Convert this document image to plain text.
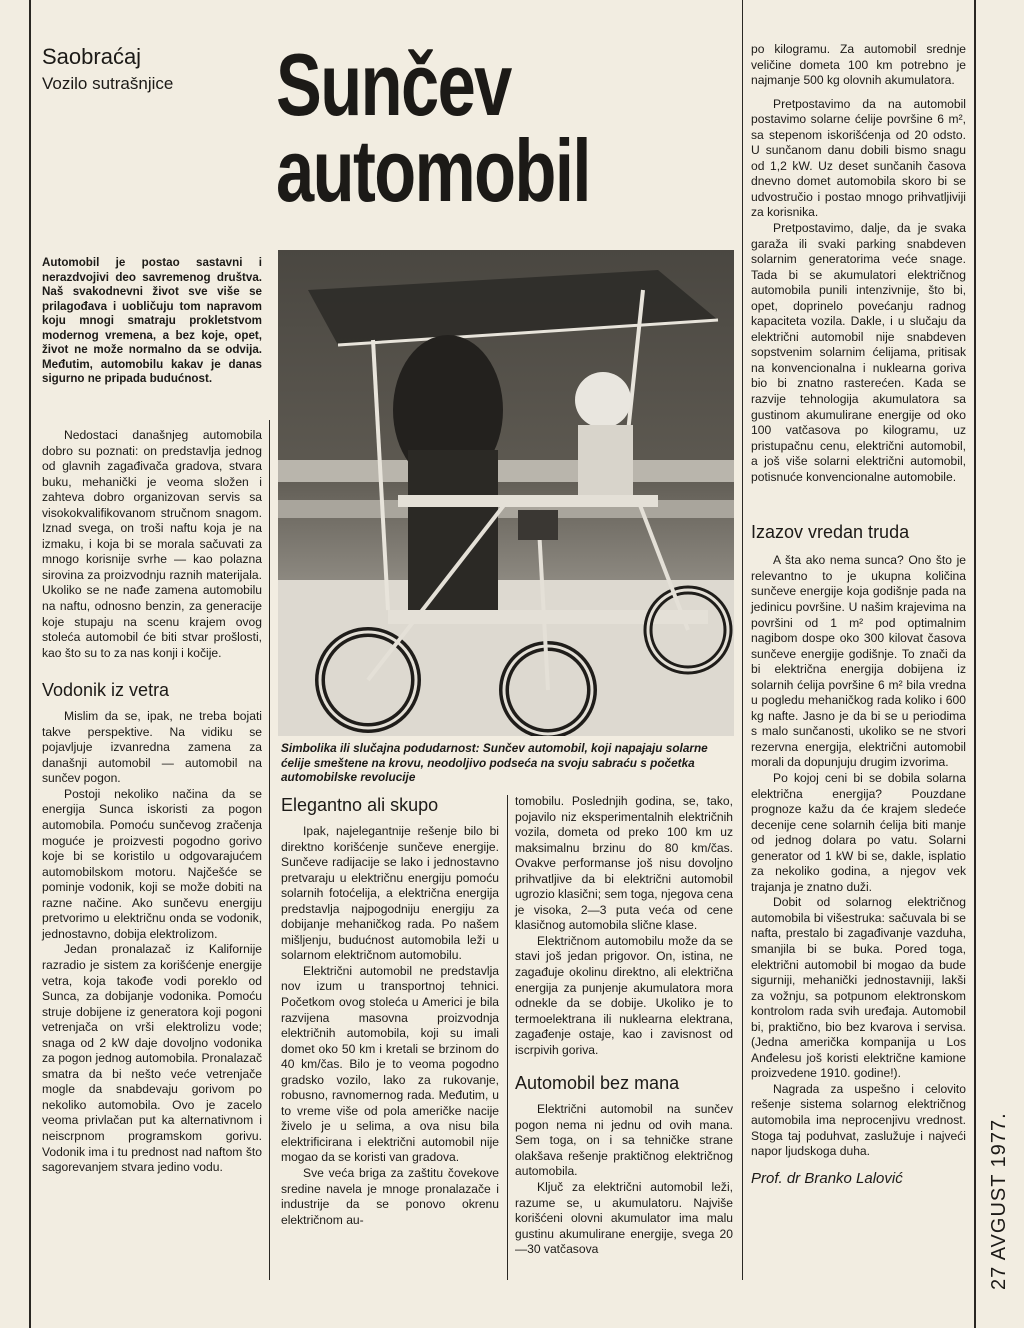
Saobraćaj
Vozilo sutrašnjice Sunčev
automobil
Automobil je postao sastavni i nerazdvojivi deo savremenog društva. Naš svakodnevni život sve više se prilagođava i uobličuju tom napravom koju mnogi smatraju prokletstvom modernog vremena, a bez koje, opet, život ne može normalno da se odvija. Međutim, automobilu kakav je danas sigurno ne pripada budućnost.

Nedostaci današnjeg automobila dobro su poznati: on predstavlja jednog od glavnih zagađivača gradova, stvara buku, mehanički je veoma složen i zahteva dobro organizovan servis sa visokokvalifikovanom stručnom snagom. Iznad svega, on troši naftu koja je na izmaku, i koja bi se morala sačuvati za mnogo korisnije svrhe — kao polazna sirovina za proizvodnju raznih materijala. Ukoliko se ne nađe zamena automobilu na naftu, odnosno benzin, za generacije koje stupaju na scenu krajem ovog stoleća automobil će biti stvar prošlosti, kao što su to za nas konji i kočije.

Vodonik iz vetra

Mislim da se, ipak, ne treba bojati takve perspektive. Na vidiku se pojavljuje izvanredna zamena za današnji automobil — automobil na sunčev pogon.

Postoji nekoliko načina da se energija Sunca iskoristi za pogon automobila. Pomoću sunčevog zračenja moguće je proizvesti pogodno gorivo koje bi se koristilo u odgovarajućem automobilskom motoru. Najčešće se pominje vodonik, koji se može dobiti na razne načine. Ako sunčevu energiju pretvorimo u električnu onda se vodonik, jednostavno, dobija elektrolizom.

Jedan pronalazač iz Kalifornije razradio je sistem za korišćenje energije vetra, koja takođe vodi poreklo od Sunca, za dobijanje vodonika. Pomoću struje dobijene iz generatora koji pogoni vetrenjača on vrši elektrolizu vode; snaga od 2 kW daje dovoljno vodonika za pogon jednog automobila. Pronalazač smatra da bi nešto veće vetrenjače mogle da snabdevaju gorivom po nekoliko automobila. Ovo je zacelo veoma privlačan put ka alternativnom i neiscrpnom programskom gorivu. Vodonik ima i tu prednost nad naftom što sagorevanjem stvara jedino vodu.

Simbolika ili slučajna podudarnost: Sunčev automobil, koji napajaju solarne ćelije smeštene na krovu, neodoljivo podseća na svoju sabraću s početka automobilske revolucije
Elegantno ali skupo

Ipak, najelegantnije rešenje bilo bi direktno korišćenje sunčeve energije. Sunčeve radijacije se lako i jednostavno pretvaraju u električnu energiju pomoću solarnih fotoćelija, a električna energija predstavlja najpogodniju energiju za dobijanje mehaničkog rada. Po našem mišljenju, budućnost automobila leži u solarnom električnom automobilu.

Električni automobil ne predstavlja nov izum u transportnoj tehnici. Početkom ovog stoleća u Americi je bila razvijena masovna proizvodnja električnih automobila, koji su imali domet oko 50 km i kretali se brzinom do 40 km/čas. Bilo je to veoma pogodno gradsko vozilo, lako za rukovanje, robusno, ravnomernog rada. Međutim, u to vreme više od pola američke nacije živelo je u selima, a ova nisu bila elektrificirana i električni automobil nije mogao da se koristi van gradova.

Sve veća briga za zaštitu čovekove sredine navela je mnoge pronalazače i industrije da se ponovo okrenu električnom au-

tomobilu. Poslednjih godina, se, tako, pojavilo niz eksperimentalnih električnih vozila, dometa od preko 100 km uz maksimalnu brzinu do 80 km/čas. Ovakve performanse još nisu dovoljno prihvatljive da bi električni automobil ugrozio klasični; sem toga, njegova cena je visoka, 2—3 puta veća od cene klasičnog automobila slične klase.

Električnom automobilu može da se stavi još jedan prigovor. On, istina, ne zagađuje okolinu direktno, ali električna energija za punjenje akumulatora mora odnekle da se dobije. Ukoliko je to termoelektrana ili nuklearna elektrana, zagađenje ostaje, kao i zavisnost od iscrpivih goriva.

Automobil bez mana

Električni automobil na sunčev pogon nema ni jednu od ovih mana. Sem toga, on i sa tehničke strane olakšava rešenje praktičnog električnog automobila.

Ključ za električni automobil leži, razume se, u akumulatoru. Najviše korišćeni olovni akumulator ima malu gustinu akumulirane energije, svega 20—30 vatčasova

po kilogramu. Za automobil srednje veličine dometa 100 km potrebno je najmanje 500 kg olovnih akumulatora.

Pretpostavimo da na automobil postavimo solarne ćelije površine 6 m², sa stepenom iskorišćenja od 20 odsto. U sunčanom danu dobili bismo snagu od 1,2 kW. Uz deset sunčanih časova dnevno domet automobila skoro bi se udvostručio i postao mnogo prihvatljiviji za korisnika.

Pretpostavimo, dalje, da je svaka garaža ili svaki parking snabdeven solarnim generatorima veće snage. Tada bi se akumulatori električnog automobila punili intenzivnije, što bi, opet, doprinelo povećanju radnog kapaciteta vozila. Dakle, i u slučaju da električni automobil nije snabdeven sopstvenim solarnim ćelijama, pritisak na konvencionalna i nuklearna goriva bio bi znatno rasterećen. Kada se razvije tehnologija akumulatora sa gustinom akumulirane energije od oko 100 vatčasova po kilogramu, uz pristupačnu cenu, električni automobil, a još više solarni električni automobil, potisnuće konvencionalne automobile.

Izazov vredan truda

A šta ako nema sunca? Ono što je relevantno to je ukupna količina sunčeve energije koja godišnje pada na jedinicu površine. U našim krajevima na površini od 1 m² pod optimalnim nagibom dospe oko 300 kilovat časova sunčeve energije godišnje. To znači da bi električna energija dobijena iz solarnih ćelija površine 6 m² bila vredna u pogledu mehaničkog rada koliko i 600 kg nafte. Jasno je da bi se u periodima s malo sunčanosti, ukoliko se ne stvori rezervna energija, električni automobil morali da dopunjuju drugim izvorima.

Po kojoj ceni bi se dobila solarna električna energija? Pouzdane prognoze kažu da će krajem sledeće decenije cene solarnih ćelija biti manje od jednog dolara po vatu. Solarni generator od 1 kW bi se, dakle, isplatio za nekoliko godina, a njegov vek trajanja je znatno duži.

Dobit od solarnog električnog automobila bi višestruka: sačuvala bi se nafta, prestalo bi zagađivanje vazduha, smanjila bi se buka. Pored toga, električni automobil bi mogao da bude sigurniji, mehanički jednostavniji, lakši za vožnju, sa potpunom elektronskom kontrolom rada svih uređaja. Automobil bi, praktično, bio bez kvarova i servisa. (Jedna američka kompanija u Los Anđelesu još koristi električne kamione proizvedene 1910. godine!).

Nagrada za uspešno i celovito rešenje sistema solarnog električnog automobila ima neprocenjivu vrednost. Stoga taj poduhvat, zaslužuje i najveći napor ljudskoga duha.

Prof. dr Branko Lalović	27 AVGUST 1977.
